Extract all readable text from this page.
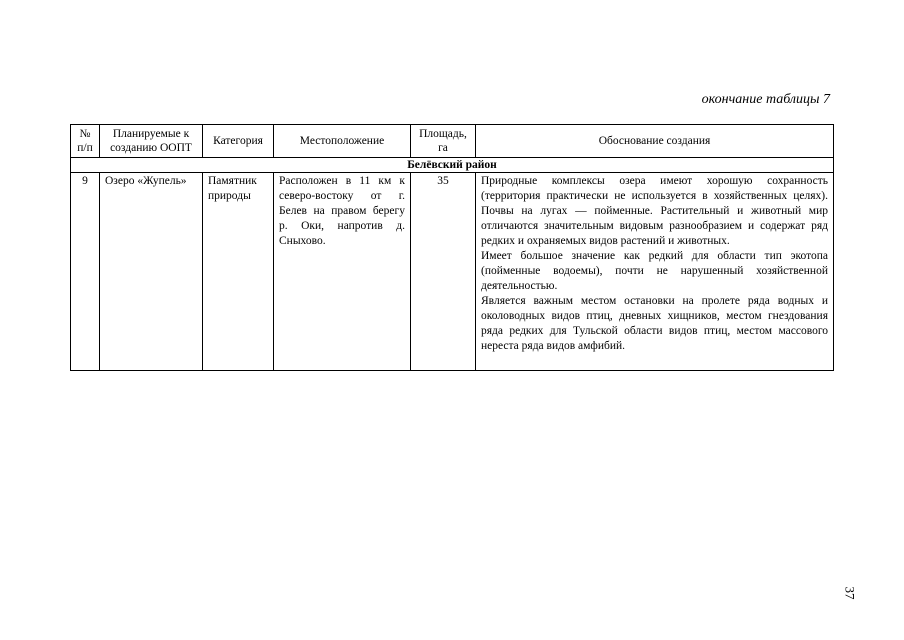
окончание таблицы 7
№ п/п	Планируемые к созданию ООПТ	Категория	Местоположение	Площадь, га	Обоснование создания
Белёвский район					
9	Озеро «Жупель»	Памятник природы	Расположен в 11 км к северо-востоку от г. Белев на правом берегу р. Оки, напротив д. Сныхово.	35	Природные комплексы озера имеют хорошую сохранность (территория практически не используется в хозяйственных целях). Почвы на лугах — пойменные. Растительный и животный мир отличаются значительным видовым разнообразием и содержат ряд редких и охраняемых видов растений и животных.
Имеет большое значение как редкий для области тип экотопа (пойменные водоемы), почти не нарушенный хозяйственной деятельностью.
Является важным местом остановки на пролете ряда водных и околоводных видов птиц, дневных хищников, местом гнездования ряда редких для Тульской области видов птиц, местом массового нереста ряда видов амфибий.
37
